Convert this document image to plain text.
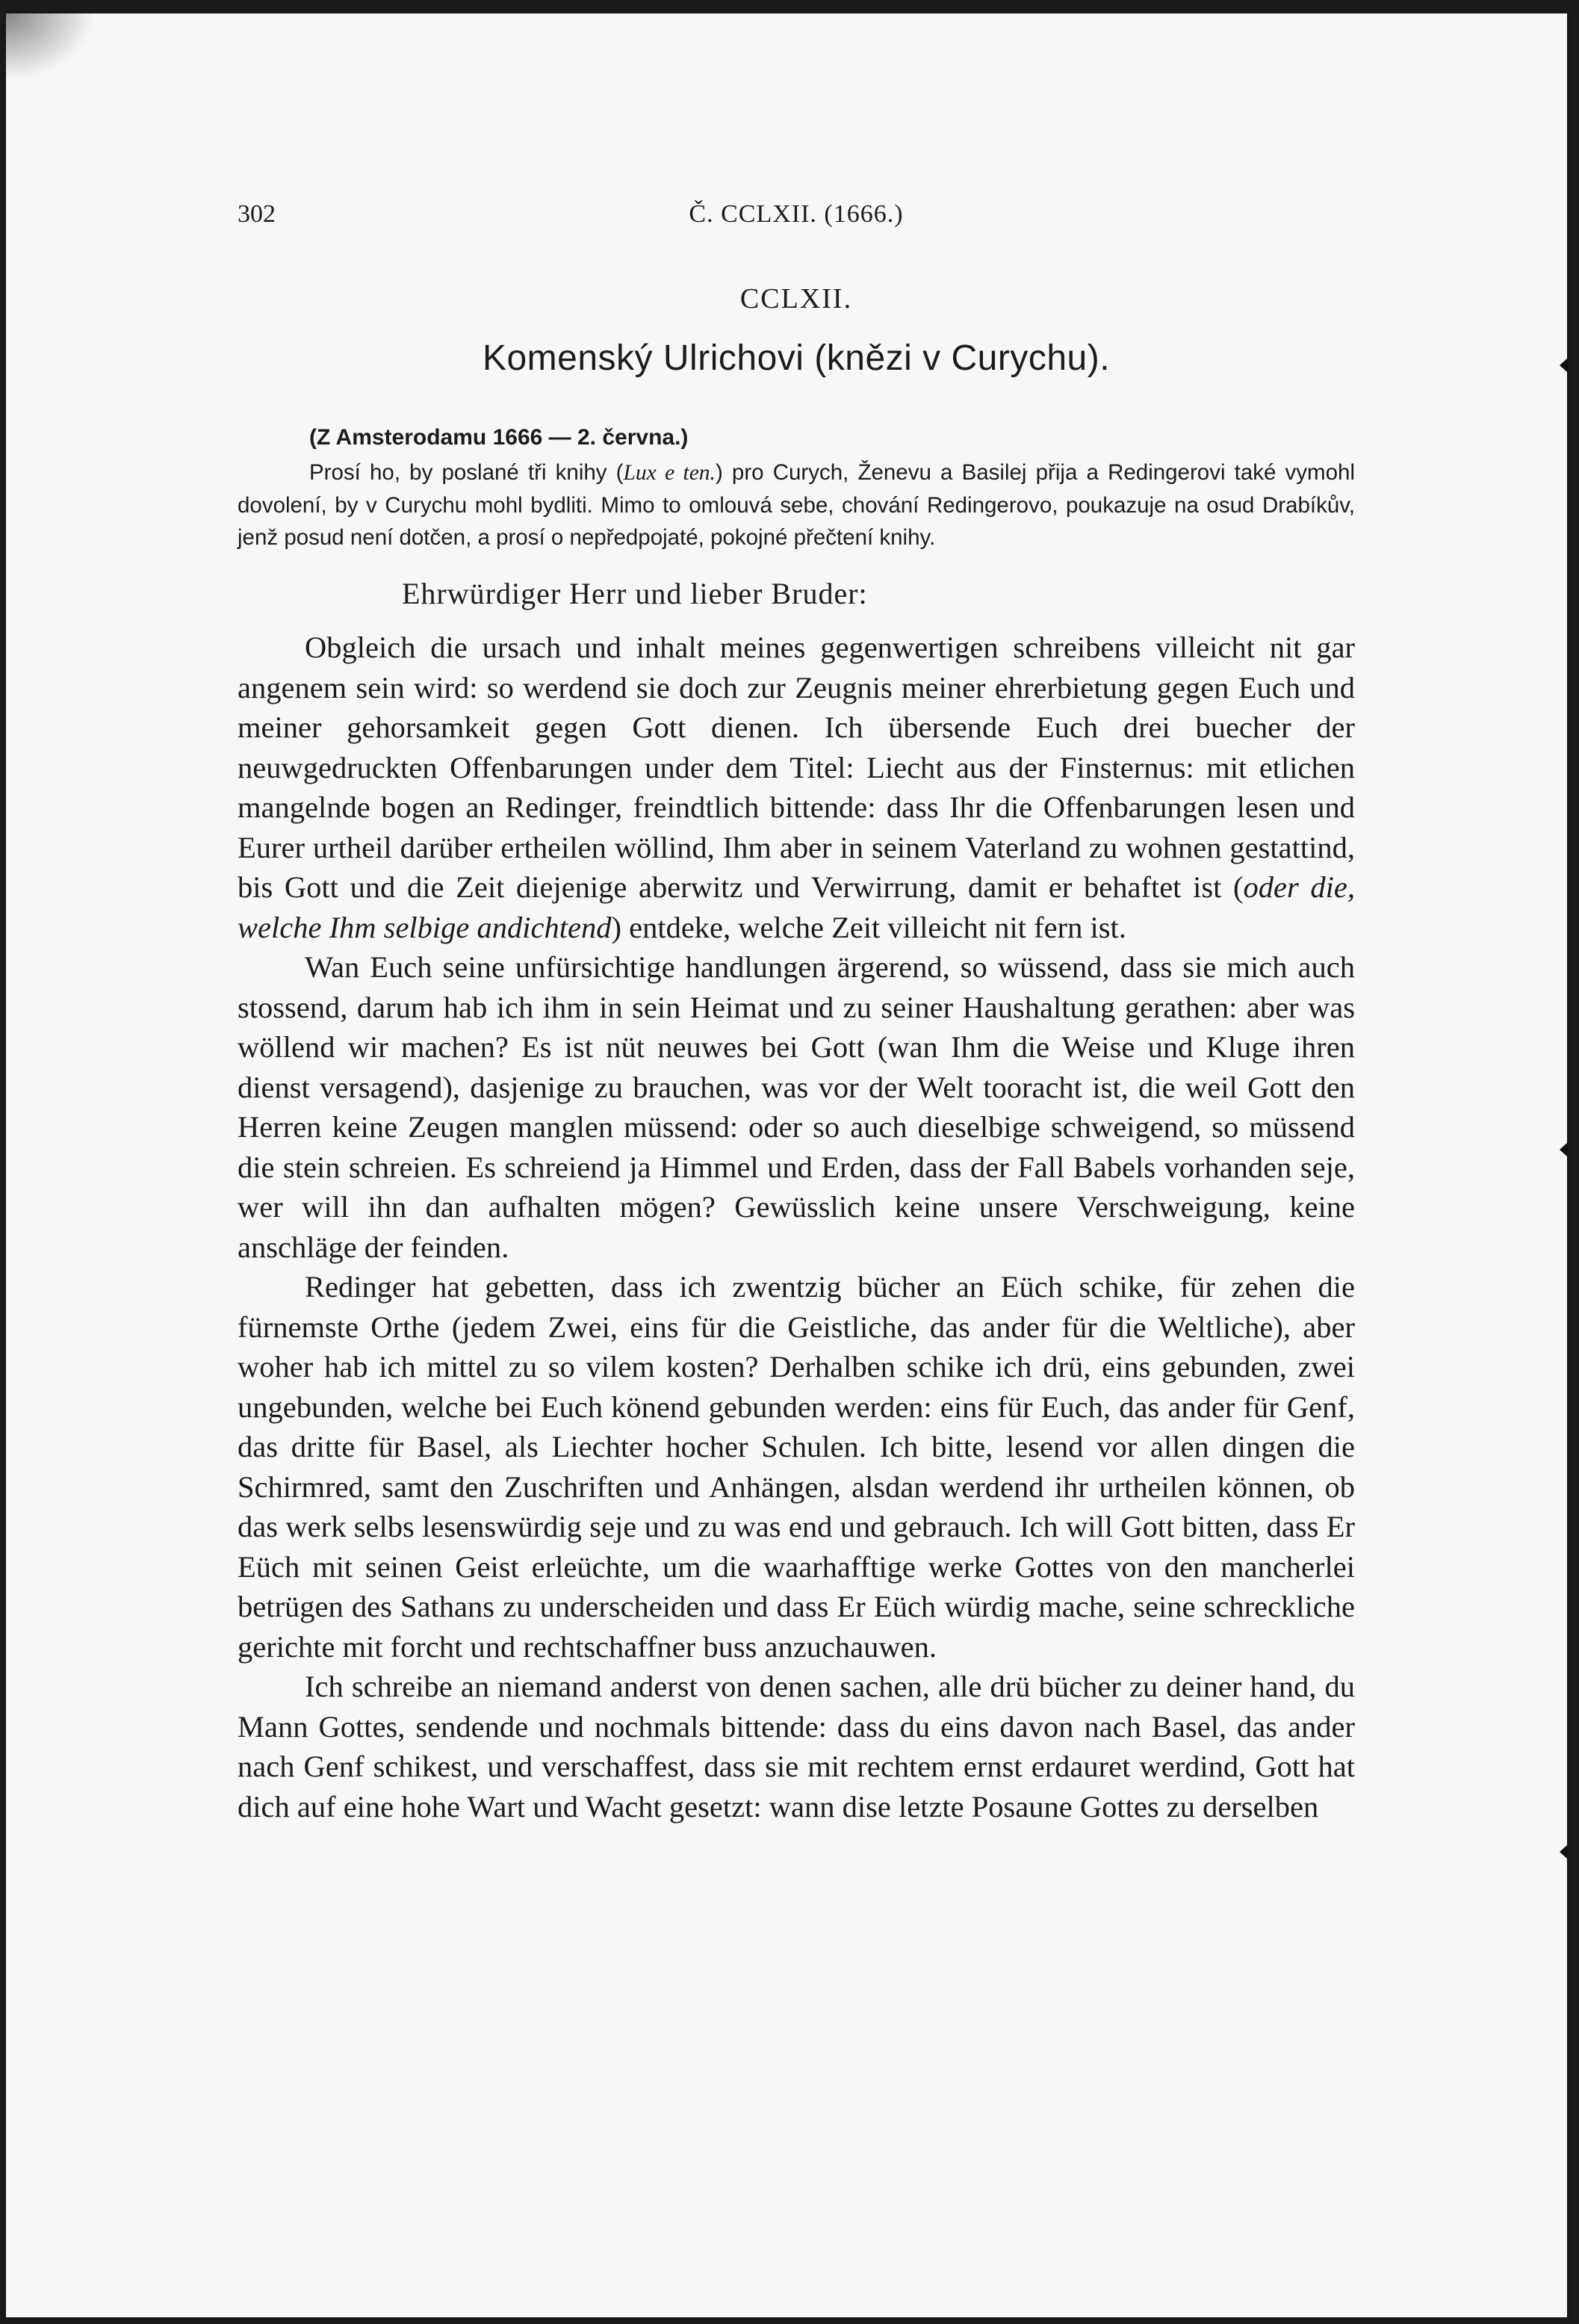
302	Č. CCLXII. (1666.)
CCLXII.
Komenský Ulrichovi (knězi v Curychu).
(Z Amsterodamu 1666 — 2. června.)
Prosí ho, by poslané tři knihy (Lux e ten.) pro Curych, Ženevu a Basilej přija a Redingerovi také vymohl dovolení, by v Curychu mohl bydliti. Mimo to omlouvá sebe, chování Redingerovo, poukazuje na osud Drabíkův, jenž posud není dotčen, a prosí o nepředpojaté, pokojné přečtení knihy.
Ehrwürdiger Herr und lieber Bruder:

Obgleich die ursach und inhalt meines gegenwertigen schreibens villeicht nit gar angenem sein wird: so werdend sie doch zur Zeugnis meiner ehrerbietung gegen Euch und meiner gehorsamkeit gegen Gott dienen. Ich übersende Euch drei buecher der neuwgedruckten Offenbarungen under dem Titel: Liecht aus der Finsternus: mit etlichen mangelnde bogen an Redinger, freindtlich bittende: dass Ihr die Offenbarungen lesen und Eurer urtheil darüber ertheilen wöllind, Ihm aber in seinem Vaterland zu wohnen gestattind, bis Gott und die Zeit diejenige aberwitz und Verwirrung, damit er behaftet ist (oder die, welche Ihm selbige andichtend) entdeke, welche Zeit villeicht nit fern ist.

Wan Euch seine unfürsichtige handlungen ärgerend, so wüssend, dass sie mich auch stossend, darum hab ich ihm in sein Heimat und zu seiner Haushaltung gerathen: aber was wöllend wir machen? Es ist nüt neuwes bei Gott (wan Ihm die Weise und Kluge ihren dienst versagend), dasjenige zu brauchen, was vor der Welt tooracht ist, die weil Gott den Herren keine Zeugen manglen müssend: oder so auch dieselbige schweigend, so müssend die stein schreien. Es schreiend ja Himmel und Erden, dass der Fall Babels vorhanden seje, wer will ihn dan aufhalten mögen? Gewüsslich keine unsere Verschweigung, keine anschläge der feinden.

Redinger hat gebetten, dass ich zwentzig bücher an Eüch schike, für zehen die fürnemste Orthe (jedem Zwei, eins für die Geistliche, das ander für die Weltliche), aber woher hab ich mittel zu so vilem kosten? Derhalben schike ich drü, eins gebunden, zwei ungebunden, welche bei Euch könend gebunden werden: eins für Euch, das ander für Genf, das dritte für Basel, als Liechter hocher Schulen. Ich bitte, lesend vor allen dingen die Schirmred, samt den Zuschriften und Anhängen, alsdan werdend ihr urtheilen können, ob das werk selbs lesenswürdig seje und zu was end und gebrauch. Ich will Gott bitten, dass Er Eüch mit seinen Geist erleüchte, um die waarhafftige werke Gottes von den mancherlei betrügen des Sathans zu underscheiden und dass Er Eüch würdig mache, seine schreckliche gerichte mit forcht und rechtschaffner buss anzuchauwen.

Ich schreibe an niemand anderst von denen sachen, alle drü bücher zu deiner hand, du Mann Gottes, sendende und nochmals bittende: dass du eins davon nach Basel, das ander nach Genf schikest, und verschaffest, dass sie mit rechtem ernst erdauret werdind, Gott hat dich auf eine hohe Wart und Wacht gesetzt: wann dise letzte Posaune Gottes zu derselben
